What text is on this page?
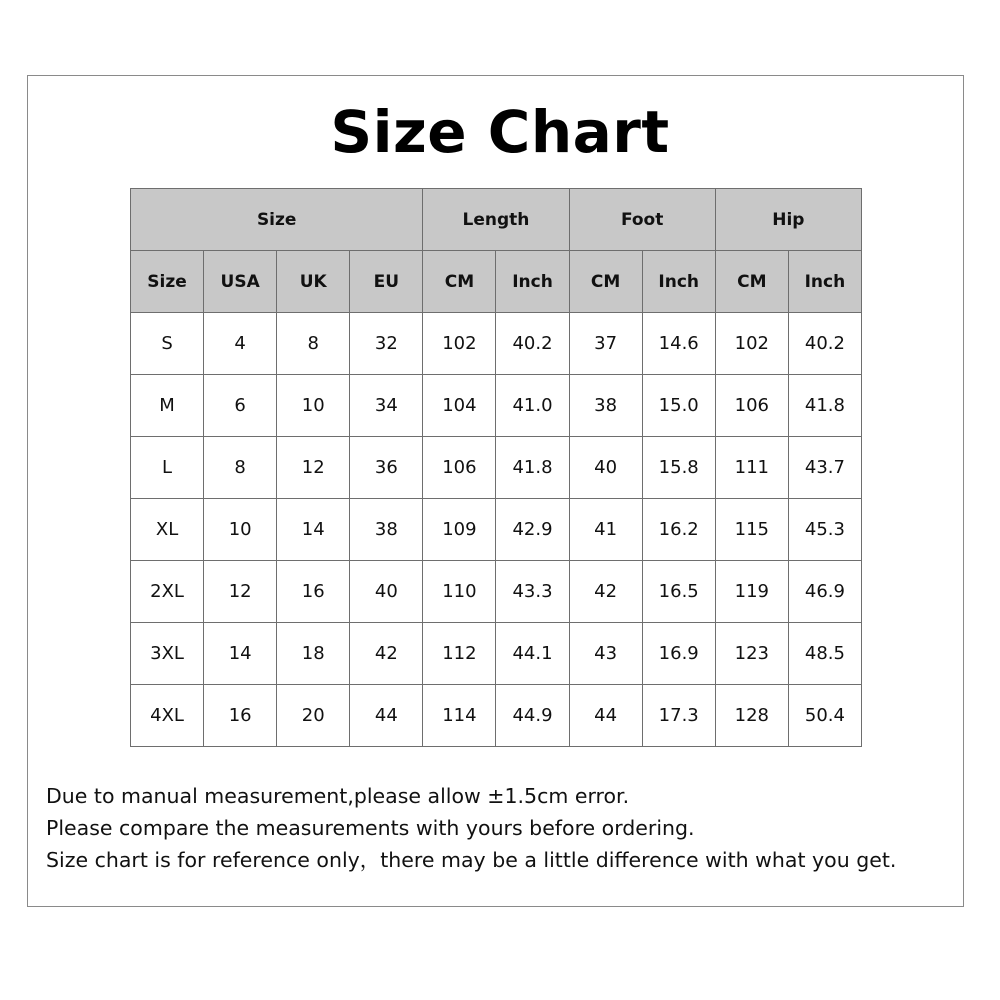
Size Chart
Size				Length		Foot		Hip	
Size	USA	UK	EU	CM	Inch	CM	Inch	CM	Inch
S	4	8	32	102	40.2	37	14.6	102	40.2
M	6	10	34	104	41.0	38	15.0	106	41.8
L	8	12	36	106	41.8	40	15.8	111	43.7
XL	10	14	38	109	42.9	41	16.2	115	45.3
2XL	12	16	40	110	43.3	42	16.5	119	46.9
3XL	14	18	42	112	44.1	43	16.9	123	48.5
4XL	16	20	44	114	44.9	44	17.3	128	50.4
Due to manual measurement,please allow ±1.5cm error.
Please compare the measurements with yours before ordering.
Size chart is for reference only，there may be a little difference with what you get.
